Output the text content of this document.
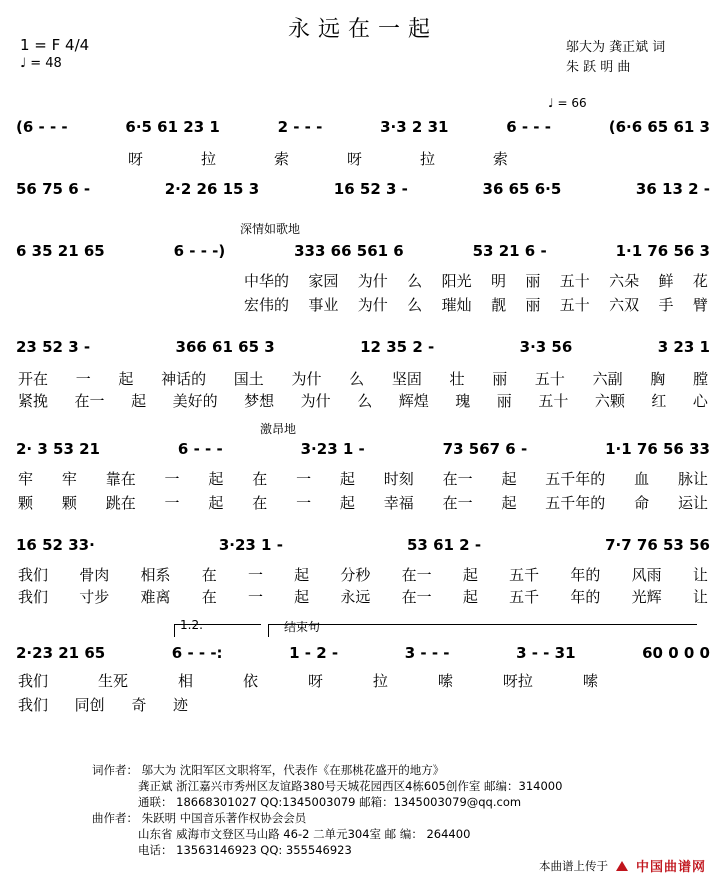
永远在一起
1 = F 4/4
♩ = 48
邬大为 龚正斌 词
朱 跃 明 曲
♩ = 66
深情如歌地
激昂地
(6 - - -	6·5 61 23 1	2 - - -	3·3 2 31	6 - - -	(6·6 65 61 3
呀	拉	索	呀	拉	索
56 75 6 -	2·2 26 15 3	16 52 3 -	36 65 6·5	36 13 2 -
6 35 21 65	6 - - -)	333 66 561 6	53 21 6 -	1·1 76 56 3
中华的 家园 为什 么 阳光 明 丽 五十 六朵 鲜 花
宏伟的 事业 为什 么 璀灿 靓 丽 五十 六双 手 臂
23 52 3 -	366 61 65 3	12 35 2 -	3·3 56	3 23 1
开在 一 起 神话的 国土 为什 么 坚固 壮 丽 五十 六副 胸 膛
紧挽 在一 起 美好的 梦想 为什 么 辉煌 瑰 丽 五十 六颗 红 心
2· 3 53 21	6 - - -	3·23 1 -	73 567 6 -	1·1 76 56 33
牢 牢 靠在 一 起 在 一 起 时刻 在一 起 五千年的 血 脉让
颗 颗 跳在 一 起 在 一 起 幸福 在一 起 五千年的 命 运让
16 52 33·	3·23 1 -	53 61 2 -	7·7 76 53 56
我们 骨肉 相系 在 一 起 分秒 在一 起 五千 年的 风雨 让
我们 寸步 难离 在 一 起 永远 在一 起 五千 年的 光辉 让
1.2.	结束句
2·23 21 65	6 - - -:	1 - 2 -	3 - - -	3 - - 31	60 0 0 0
我们	生死	相	依	呀	拉	嗦	呀拉	嗦
我们 同创 奇 迹
词作者： 邬大为 沈阳军区文职将军，代表作《在那桃花盛开的地方》
龚正斌 浙江嘉兴市秀州区友谊路380号天城花园西区4栋605创作室 邮编：314000
通联： 18668301027 QQ:1345003079 邮箱：1345003079@qq.com
曲作者： 朱跃明 中国音乐著作权协会会员
山东省 威海市文登区马山路 46-2 二单元304室 邮 编： 264400
电话： 13563146923 QQ: 355546923
本曲谱上传于 中国曲谱网
